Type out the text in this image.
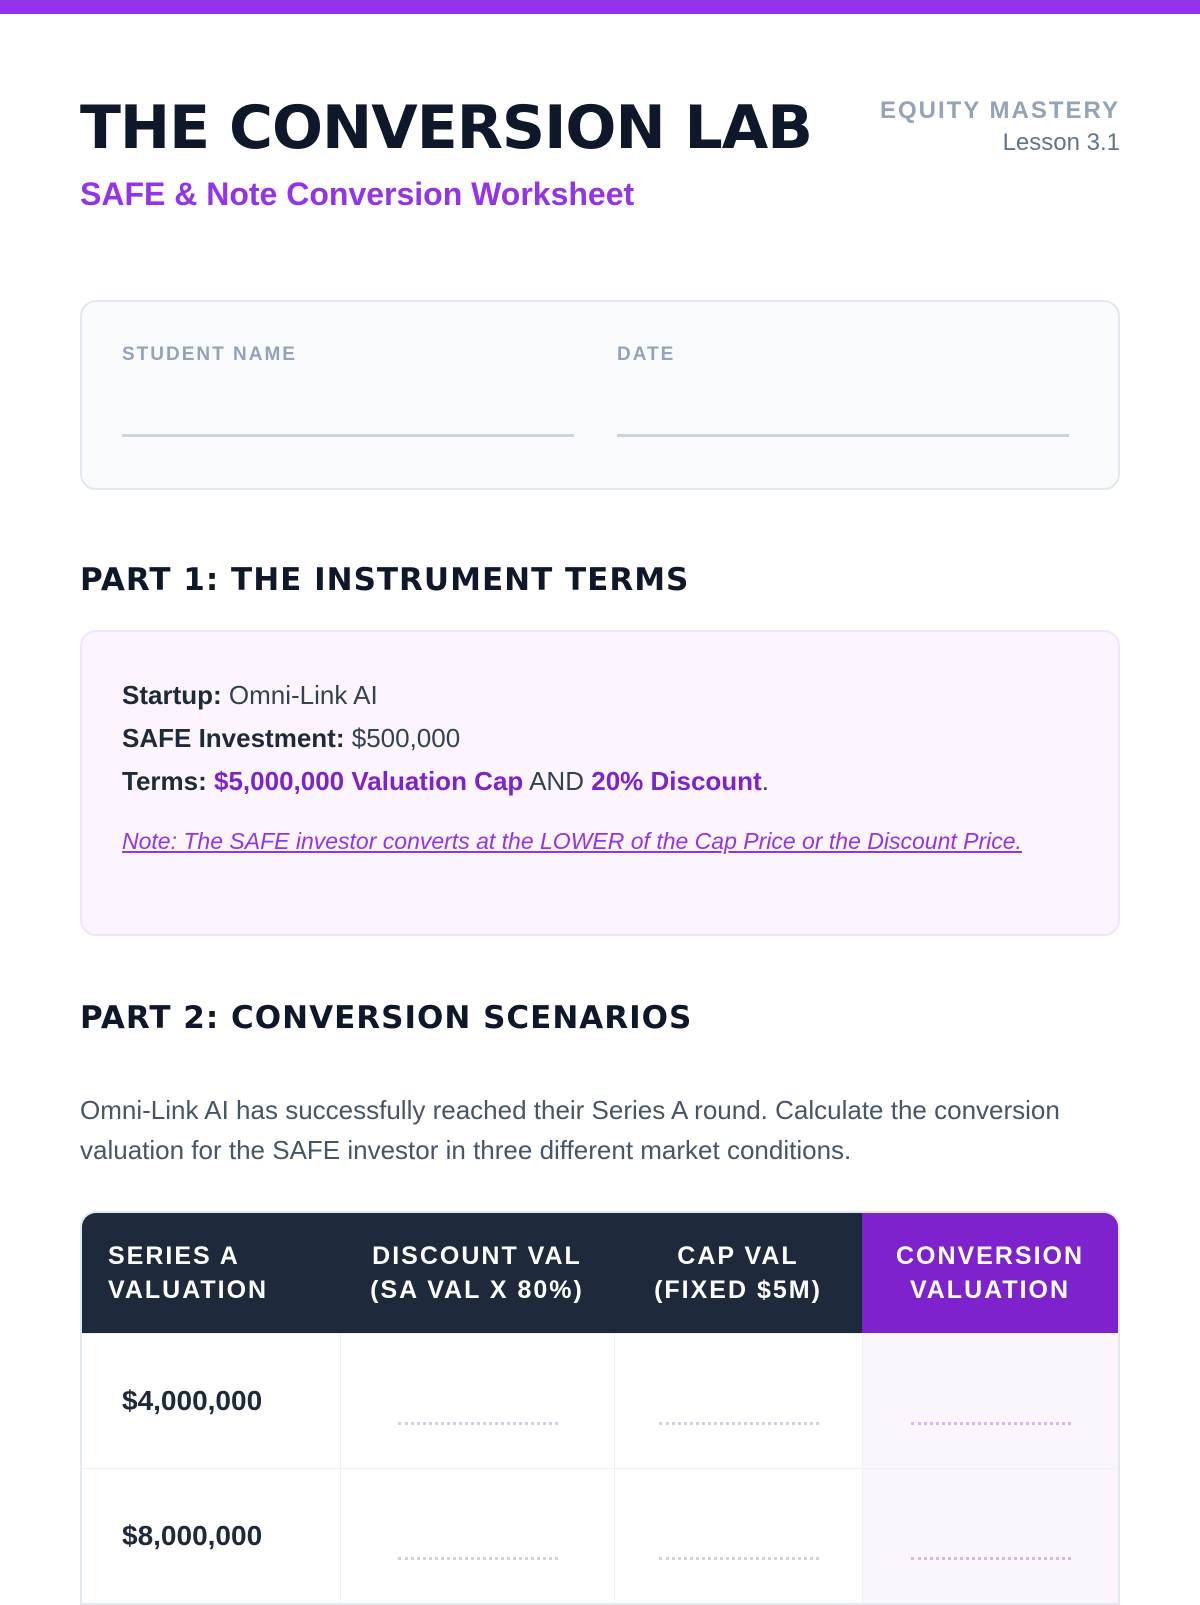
THE CONVERSION LAB
SAFE & Note Conversion Worksheet
EQUITY MASTERY
Lesson 3.1
STUDENT NAME	DATE
PART 1: THE INSTRUMENT TERMS
Startup: Omni-Link AI
SAFE Investment: $500,000
Terms: $5,000,000 Valuation Cap AND 20% Discount.
Note: The SAFE investor converts at the LOWER of the Cap Price or the Discount Price.
PART 2: CONVERSION SCENARIOS
Omni-Link AI has successfully reached their Series A round. Calculate the conversion valuation for the SAFE investor in three different market conditions.
SERIES A
VALUATION
DISCOUNT VAL
(SA VAL X 80%)
CAP VAL
(FIXED $5M)
CONVERSION
VALUATION
$4,000,000
$8,000,000
